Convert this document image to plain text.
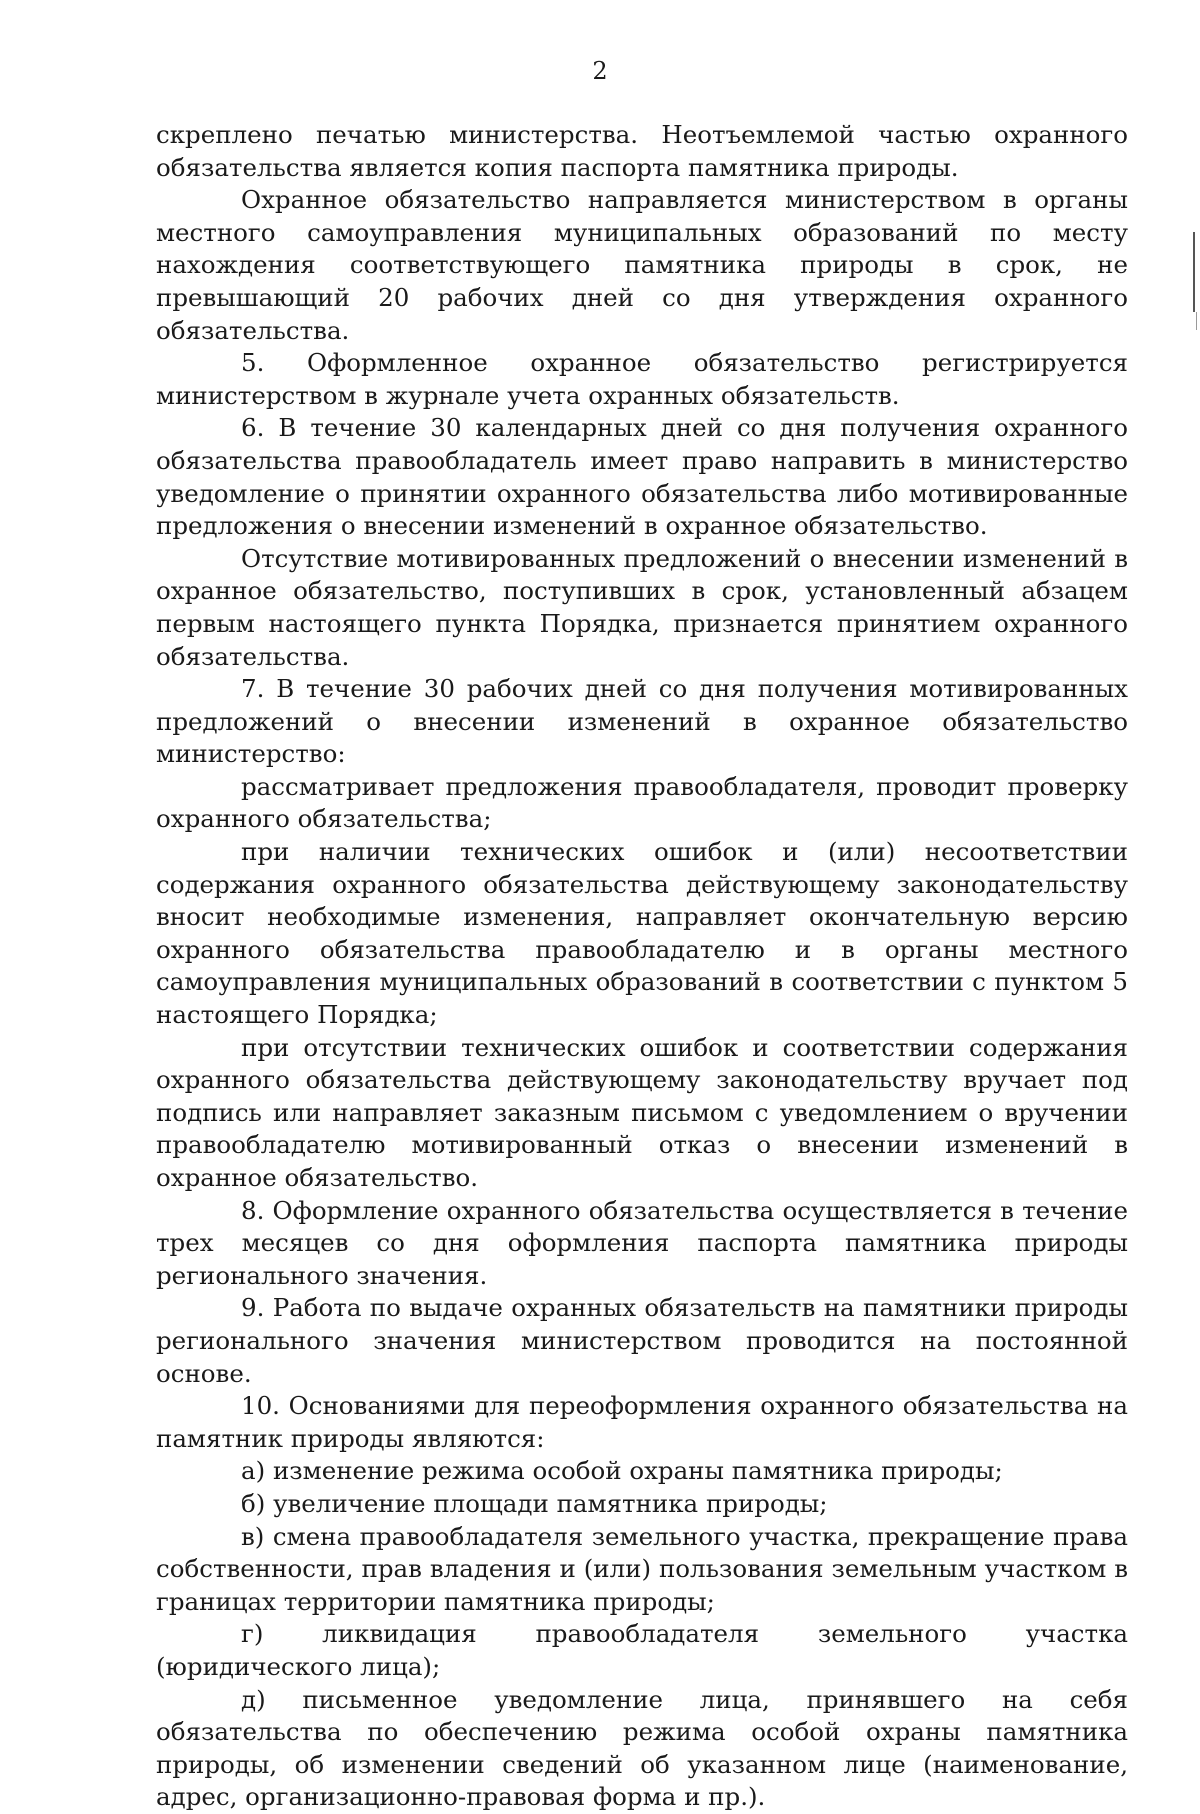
2

скреплено печатью министерства. Неотъемлемой частью охранного обязательства является копия паспорта памятника природы.

Охранное обязательство направляется министерством в органы местного самоуправления муниципальных образований по месту нахождения соответствующего памятника природы в срок, не превышающий 20 рабочих дней со дня утверждения охранного обязательства.

5. Оформленное охранное обязательство регистрируется министерством в журнале учета охранных обязательств.

6. В течение 30 календарных дней со дня получения охранного обязательства правообладатель имеет право направить в министерство уведомление о принятии охранного обязательства либо мотивированные предложения о внесении изменений в охранное обязательство.

Отсутствие мотивированных предложений о внесении изменений в охранное обязательство, поступивших в срок, установленный абзацем первым настоящего пункта Порядка, признается принятием охранного обязательства.

7. В течение 30 рабочих дней со дня получения мотивированных предложений о внесении изменений в охранное обязательство министерство:

рассматривает предложения правообладателя, проводит проверку охранного обязательства;

при наличии технических ошибок и (или) несоответствии содержания охранного обязательства действующему законодательству вносит необходимые изменения, направляет окончательную версию охранного обязательства правообладателю и в органы местного самоуправления муниципальных образований в соответствии с пунктом 5 настоящего Порядка;

при отсутствии технических ошибок и соответствии содержания охранного обязательства действующему законодательству вручает под подпись или направляет заказным письмом с уведомлением о вручении правообладателю мотивированный отказ о внесении изменений в охранное обязательство.

8. Оформление охранного обязательства осуществляется в течение трех месяцев со дня оформления паспорта памятника природы регионального значения.

9. Работа по выдаче охранных обязательств на памятники природы регионального значения министерством проводится на постоянной основе.

10. Основаниями для переоформления охранного обязательства на памятник природы являются:

а) изменение режима особой охраны памятника природы;

б) увеличение площади памятника природы;

в) смена правообладателя земельного участка, прекращение права собственности, прав владения и (или) пользования земельным участком в границах территории памятника природы;

г) ликвидация правообладателя земельного участка (юридического лица);

д) письменное уведомление лица, принявшего на себя обязательства по обеспечению режима особой охраны памятника природы, об изменении сведений об указанном лице (наименование, адрес, организационно-правовая форма и пр.).
